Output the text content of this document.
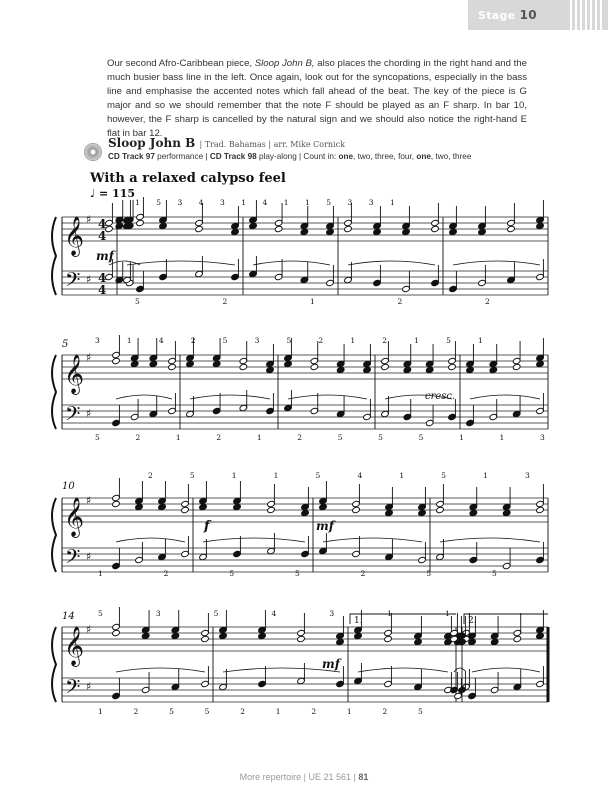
Stage 10
Our second Afro-Caribbean piece, Sloop John B, also places the chording in the right hand and the much busier bass line in the left. Once again, look out for the syncopations, especially in the bass line and emphasise the accented notes which fall ahead of the beat. The key of the piece is G major and so we should remember that the note F should be played as an F sharp. In bar 10, however, the F sharp is cancelled by the natural sign and we should also notice the right-hand E flat in bar 12.
Sloop John B | Trad. Bahamas | arr. Mike Cornick
CD Track 97 performance | CD Track 98 play-along | Count in: one, two, three, four, one, two, three
With a relaxed calypso feel
♩ = 115
𝄞
𝄢
♯
♯
4
4
4
4
𝄞
𝄢
♯
♯
𝄞
𝄢
♯
♯
𝄞
𝄢
♯
♯
1 5 3 4 3 1 4 1 1 5 3 3 1
5	2	1	2	2
3	1	4	2	5	3	5	2	1	2	1	5	1
5	2	1	2	1	2	5	5	5	1	1	3
2	5	1	1	5	4	1	5	1	3
1	2	5	5	2	5	5
5	3	5	4	3	1	1
1	2	5	5	2	1	2	1	2	5
mf
cresc.
f	mf
mf
5
10
14	1.	2.
More repertoire | UE 21 561 | 81
